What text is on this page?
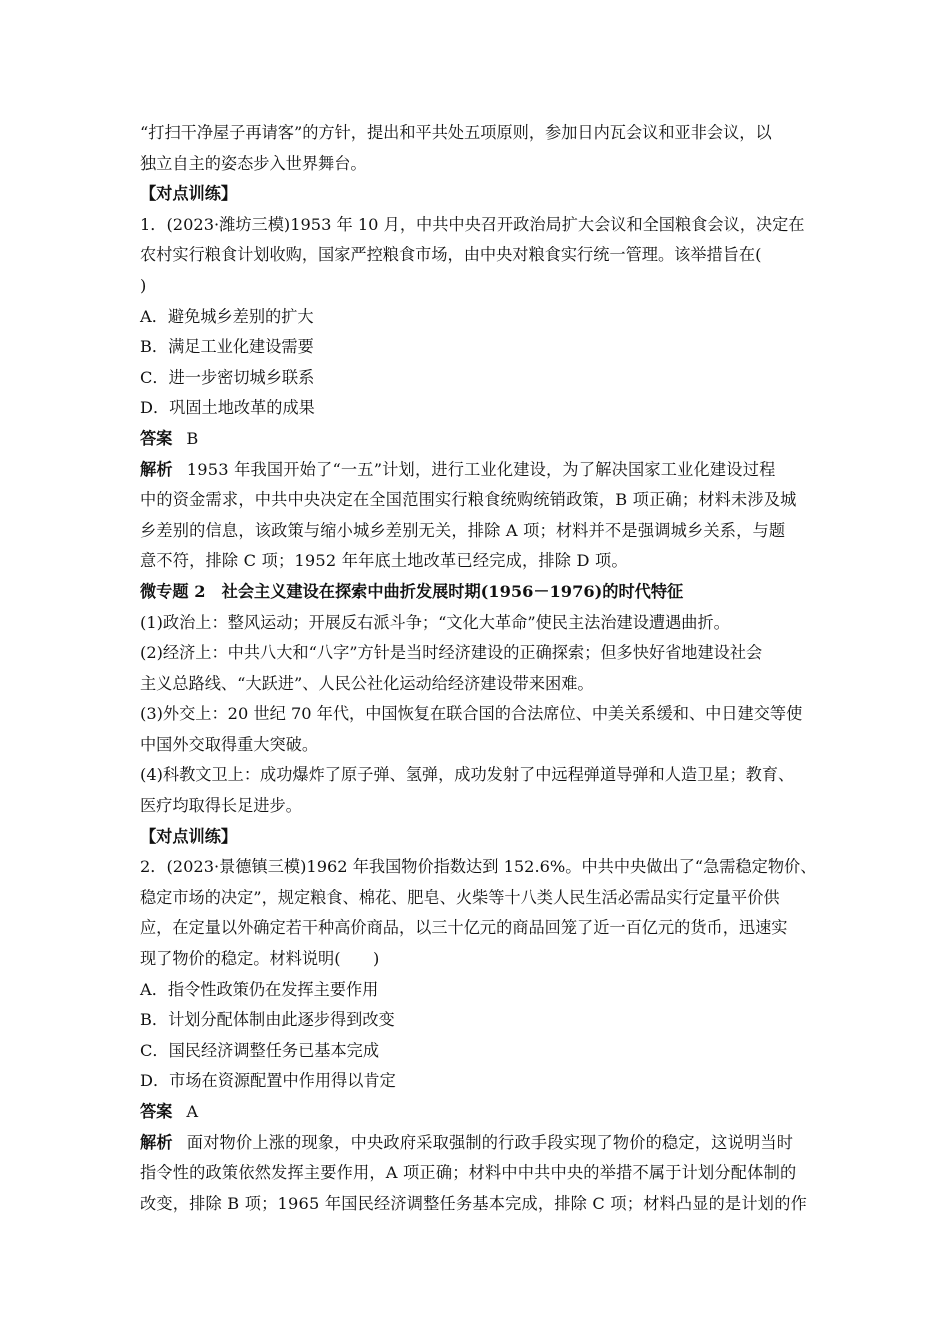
“打扫干净屋子再请客”的方针，提出和平共处五项原则，参加日内瓦会议和亚非会议，以
独立自主的姿态步入世界舞台。

【对点训练】

1．(2023·潍坊三模)1953 年 10 月，中共中央召开政治局扩大会议和全国粮食会议，决定在
农村实行粮食计划收购，国家严控粮食市场，由中央对粮食实行统一管理。该举措旨在(
)

A．避免城乡差别的扩大
B．满足工业化建设需要
C．进一步密切城乡联系
D．巩固土地改革的成果

答案 B

解析 1953 年我国开始了“一五”计划，进行工业化建设，为了解决国家工业化建设过程
中的资金需求，中共中央决定在全国范围实行粮食统购统销政策，B 项正确；材料未涉及城
乡差别的信息，该政策与缩小城乡差别无关，排除 A 项；材料并不是强调城乡关系，与题
意不符，排除 C 项；1952 年年底土地改革已经完成，排除 D 项。

微专题 2　社会主义建设在探索中曲折发展时期(1956－1976)的时代特征

(1)政治上：整风运动；开展反右派斗争；“文化大革命”使民主法治建设遭遇曲折。

(2)经济上：中共八大和“八字”方针是当时经济建设的正确探索；但多快好省地建设社会
主义总路线、“大跃进”、人民公社化运动给经济建设带来困难。

(3)外交上：20 世纪 70 年代，中国恢复在联合国的合法席位、中美关系缓和、中日建交等使
中国外交取得重大突破。

(4)科教文卫上：成功爆炸了原子弹、氢弹，成功发射了中远程弹道导弹和人造卫星；教育、
医疗均取得长足进步。

【对点训练】

2．(2023·景德镇三模)1962 年我国物价指数达到 152.6%。中共中央做出了“急需稳定物价、
稳定市场的决定”，规定粮食、棉花、肥皂、火柴等十八类人民生活必需品实行定量平价供
应，在定量以外确定若干种高价商品，以三十亿元的商品回笼了近一百亿元的货币，迅速实
现了物价的稳定。材料说明(　　)

A．指令性政策仍在发挥主要作用
B．计划分配体制由此逐步得到改变
C．国民经济调整任务已基本完成
D．市场在资源配置中作用得以肯定

答案 A

解析 面对物价上涨的现象，中央政府采取强制的行政手段实现了物价的稳定，这说明当时
指令性的政策依然发挥主要作用，A 项正确；材料中中共中央的举措不属于计划分配体制的
改变，排除 B 项；1965 年国民经济调整任务基本完成，排除 C 项；材料凸显的是计划的作
